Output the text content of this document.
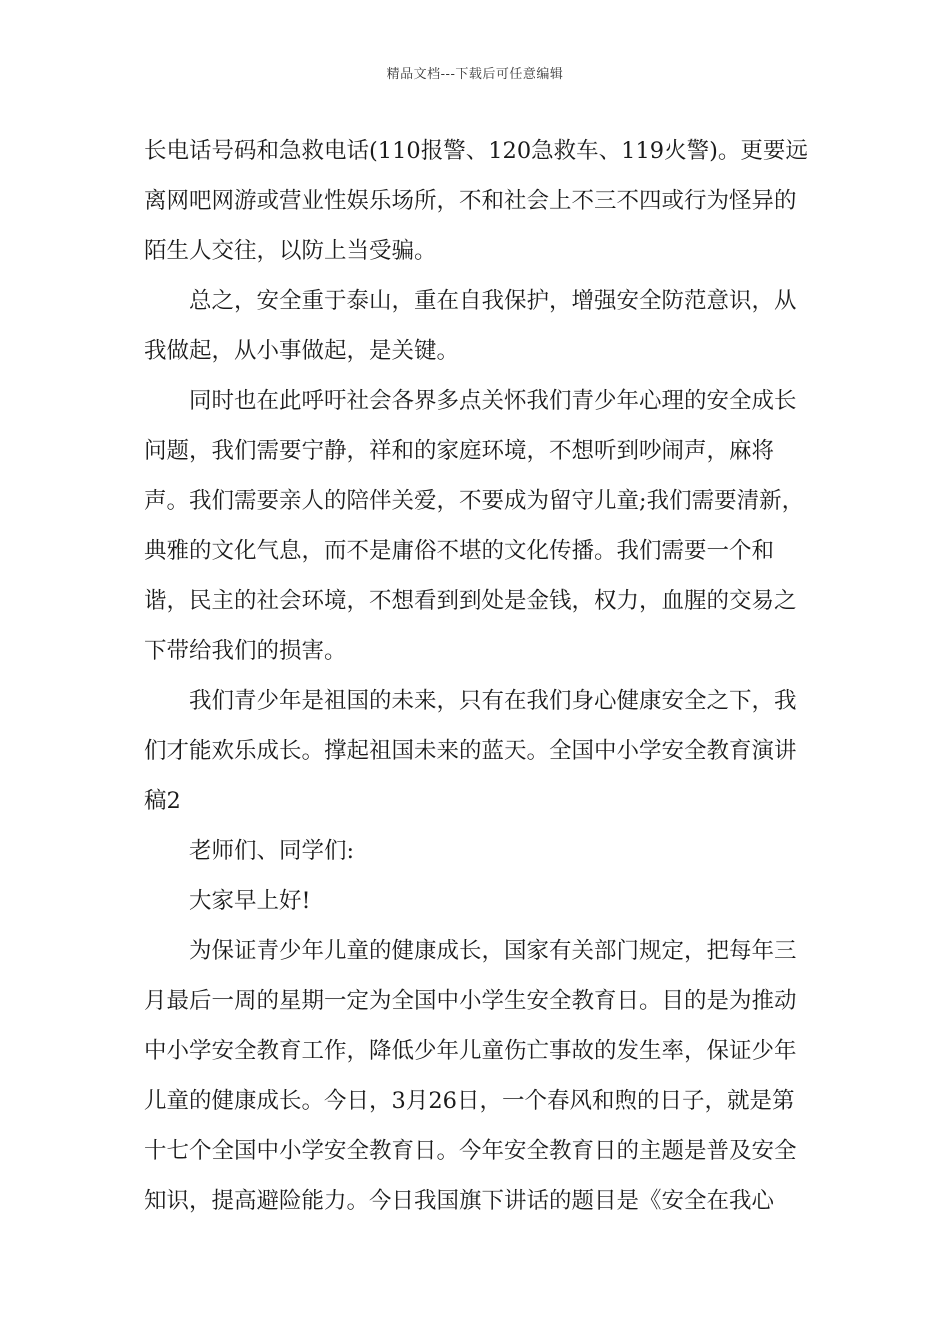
精品文档---下载后可任意编辑

长电话号码和急救电话(110报警、120急救车、119火警)。更要远离网吧网游或营业性娱乐场所，不和社会上不三不四或行为怪异的陌生人交往，以防上当受骗。

总之，安全重于泰山，重在自我保护，增强安全防范意识，从我做起，从小事做起，是关键。

同时也在此呼吁社会各界多点关怀我们青少年心理的安全成长问题，我们需要宁静，祥和的家庭环境，不想听到吵闹声，麻将声。我们需要亲人的陪伴关爱，不要成为留守儿童;我们需要清新，典雅的文化气息，而不是庸俗不堪的文化传播。我们需要一个和谐，民主的社会环境，不想看到到处是金钱，权力，血腥的交易之下带给我们的损害。

我们青少年是祖国的未来，只有在我们身心健康安全之下，我们才能欢乐成长。撑起祖国未来的蓝天。全国中小学安全教育演讲稿2

老师们、同学们:

大家早上好!

为保证青少年儿童的健康成长，国家有关部门规定，把每年三月最后一周的星期一定为全国中小学生安全教育日。目的是为推动中小学安全教育工作，降低少年儿童伤亡事故的发生率，保证少年儿童的健康成长。今日，3月26日，一个春风和煦的日子，就是第十七个全国中小学安全教育日。今年安全教育日的主题是普及安全知识，提高避险能力。今日我国旗下讲话的题目是《安全在我心
